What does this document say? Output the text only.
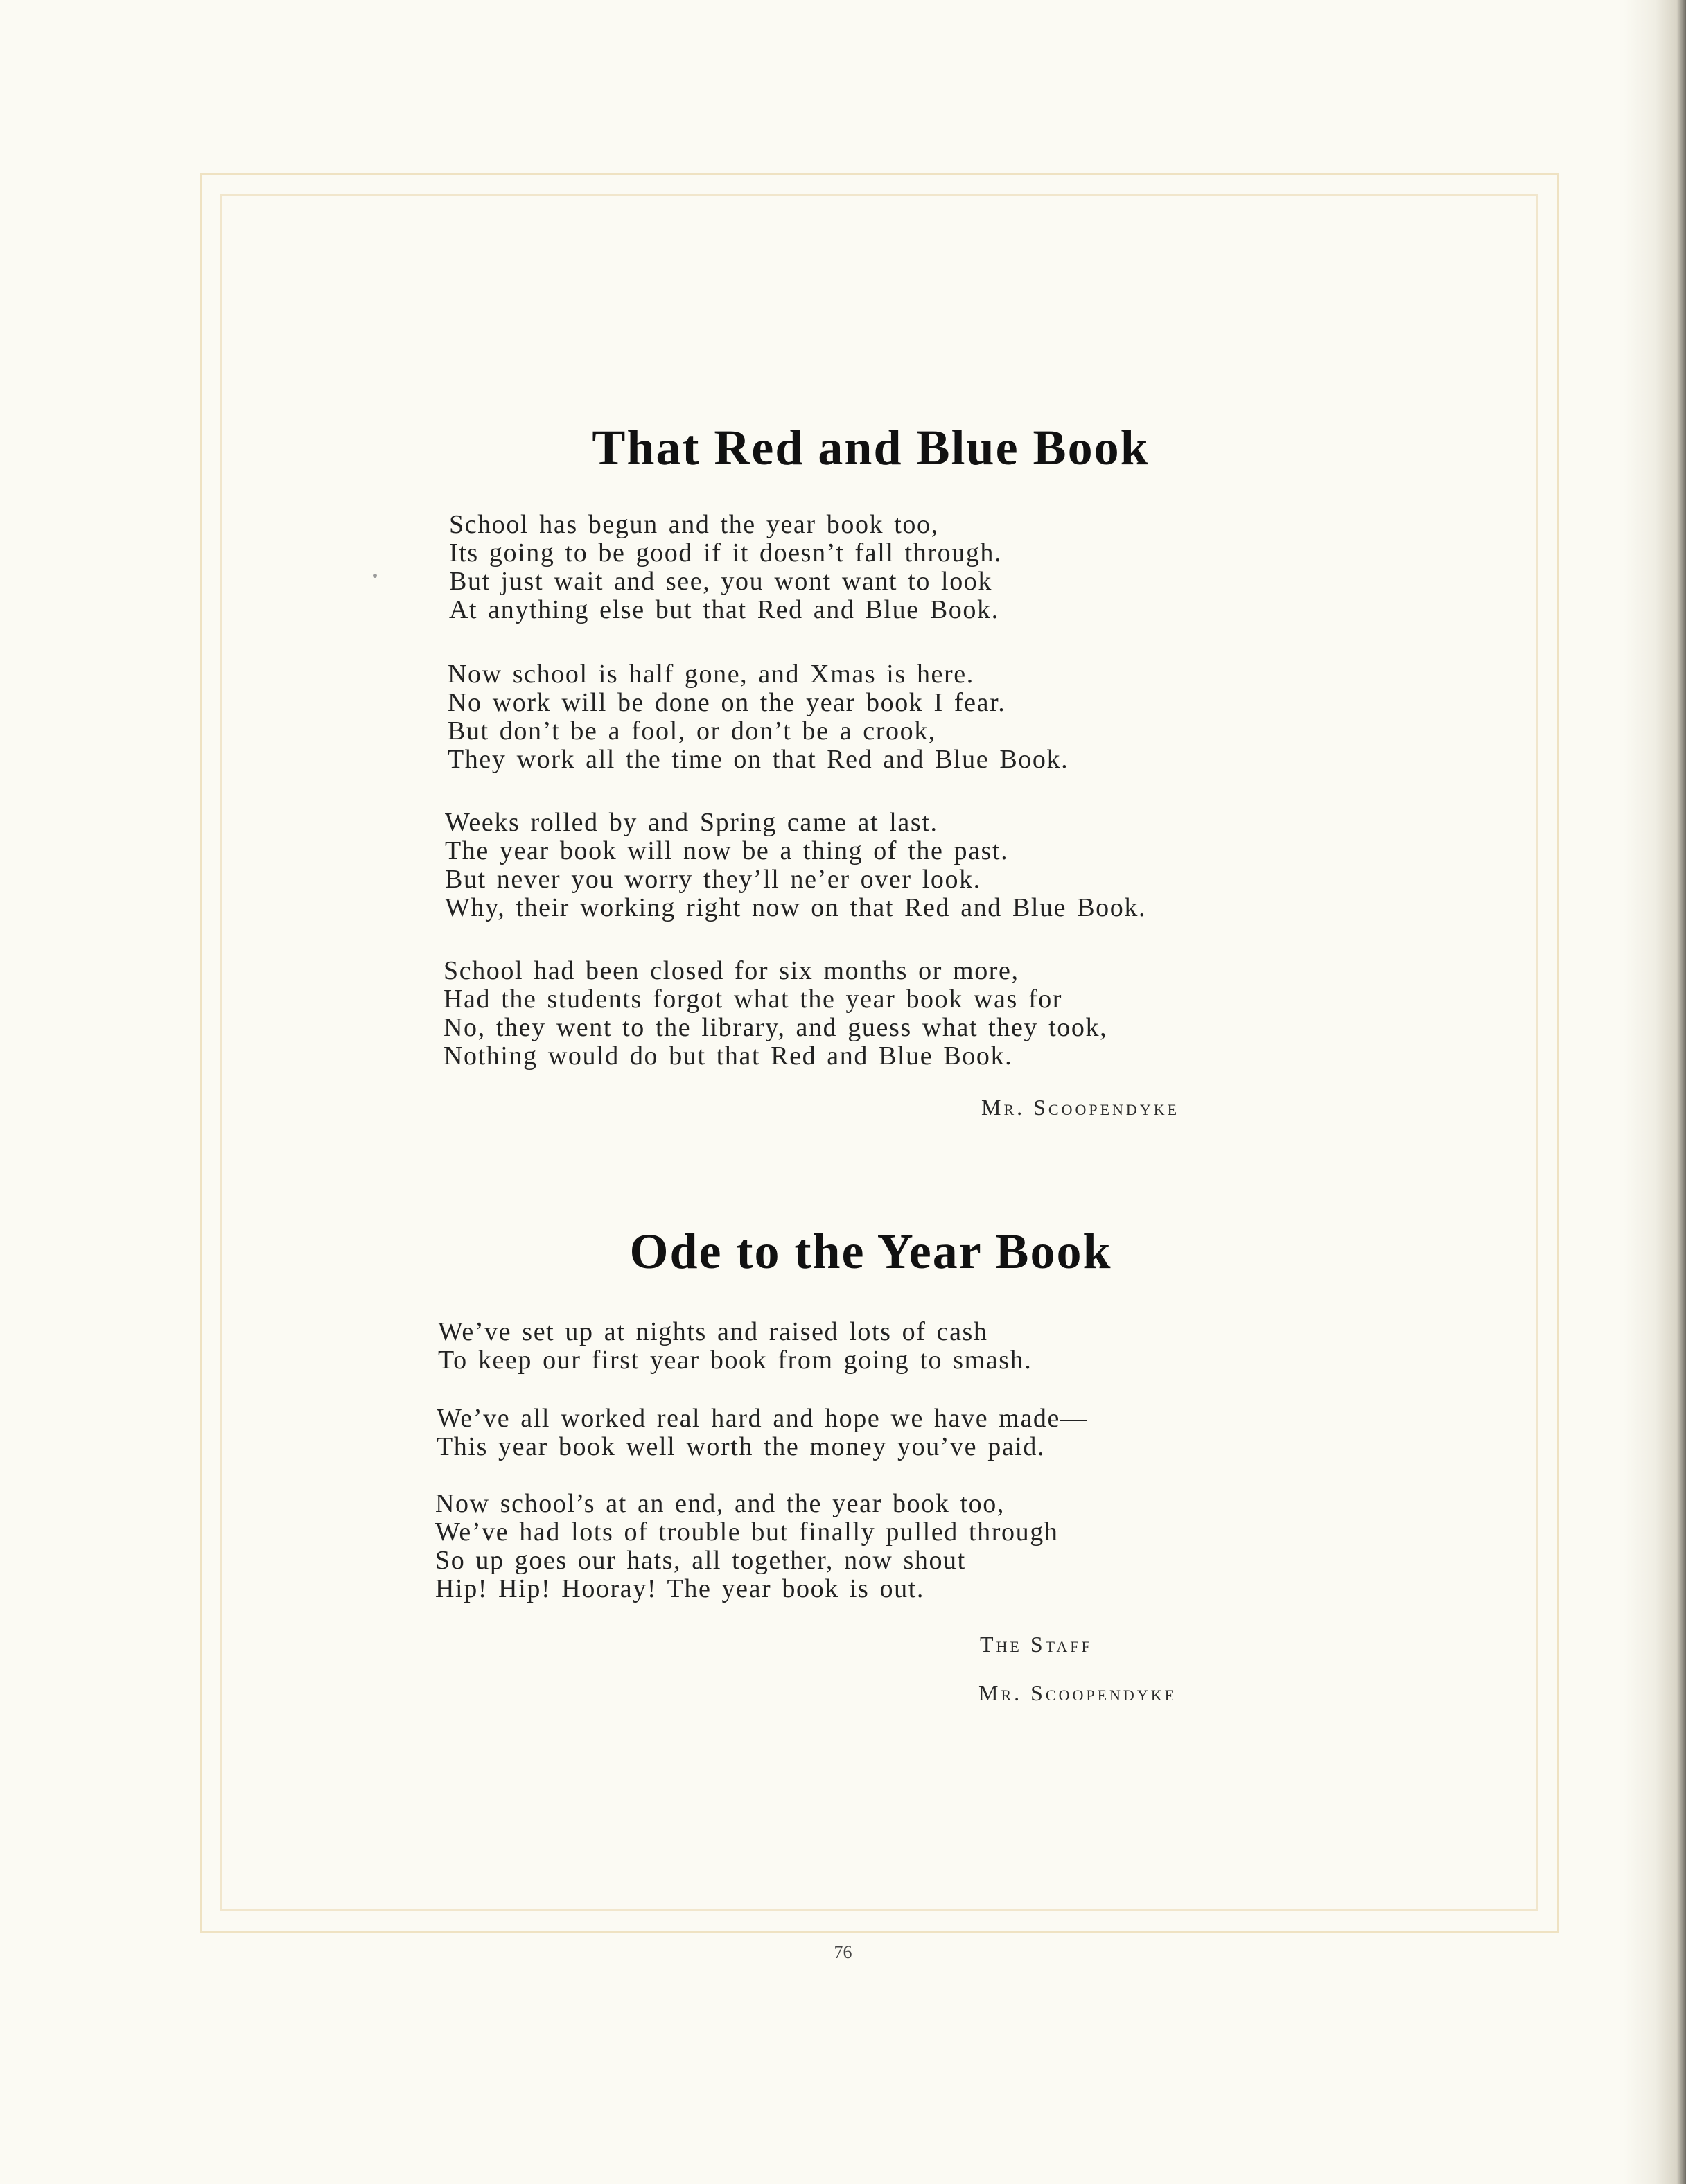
That Red and Blue Book

School has begun and the year book too,
Its going to be good if it doesn’t fall through.
But just wait and see, you wont want to look
At anything else but that Red and Blue Book.

Now school is half gone, and Xmas is here.
No work will be done on the year book I fear.
But don’t be a fool, or don’t be a crook,
They work all the time on that Red and Blue Book.

Weeks rolled by and Spring came at last.
The year book will now be a thing of the past.
But never you worry they’ll ne’er over look.
Why, their working right now on that Red and Blue Book.

School had been closed for six months or more,
Had the students forgot what the year book was for
No, they went to the library, and guess what they took,
Nothing would do but that Red and Blue Book.

Mr. Scoopendyke

Ode to the Year Book

We’ve set up at nights and raised lots of cash
To keep our first year book from going to smash.

We’ve all worked real hard and hope we have made—
This year book well worth the money you’ve paid.

Now school’s at an end, and the year book too,
We’ve had lots of trouble but finally pulled through
So up goes our hats, all together, now shout
Hip! Hip! Hooray! The year book is out.

The Staff

Mr. Scoopendyke

76
